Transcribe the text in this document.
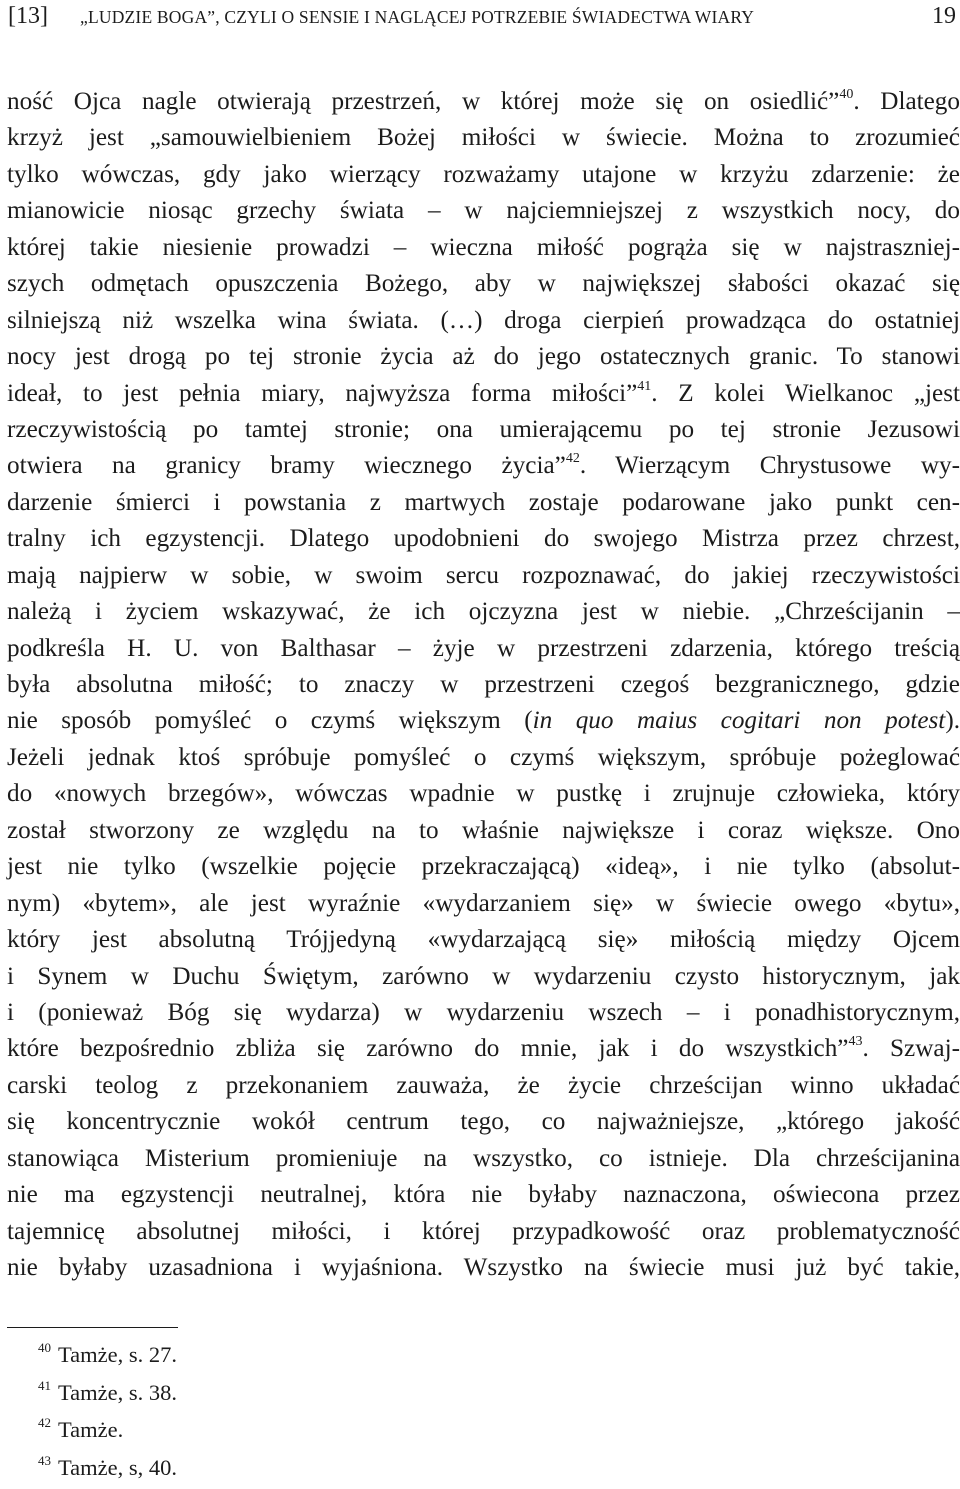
[13] „LUDZIE BOGA”, CZYLI O SENSIE I NAGLĄCEJ POTRZEBIE ŚWIADECTWA WIARY	19
ność Ojca nagle otwierają przestrzeń, w której może się on osiedlić”$^{40}$. Dlatego
krzyż jest „samouwielbieniem Bożej miłości w świecie. Można to zrozumieć
tylko wówczas, gdy jako wierzący rozważamy utajone w krzyżu zdarzenie: że
mianowicie niosąc grzechy świata – w najciemniejszej z wszystkich nocy, do
której takie niesienie prowadzi – wieczna miłość pogrąża się w najstraszniej-
szych odmętach opuszczenia Bożego, aby w największej słabości okazać się
silniejszą niż wszelka wina świata. (…) droga cierpień prowadząca do ostatniej
nocy jest drogą po tej stronie życia aż do jego ostatecznych granic. To stanowi
ideał, to jest pełnia miary, najwyższa forma miłości”$^{41}$. Z kolei Wielkanoc „jest
rzeczywistością po tamtej stronie; ona umierającemu po tej stronie Jezusowi
otwiera na granicy bramy wiecznego życia”$^{42}$. Wierzącym Chrystusowe wy-
darzenie śmierci i powstania z martwych zostaje podarowane jako punkt cen-
tralny ich egzystencji. Dlatego upodobnieni do swojego Mistrza przez chrzest,
mają najpierw w sobie, w swoim sercu rozpoznawać, do jakiej rzeczywistości
należą i życiem wskazywać, że ich ojczyzna jest w niebie. „Chrześcijanin –
podkreśla H. U. von Balthasar – żyje w przestrzeni zdarzenia, którego treścią
była absolutna miłość; to znaczy w przestrzeni czegoś bezgranicznego, gdzie
nie sposób pomyśleć o czymś większym (in quo maius cogitari non potest).
Jeżeli jednak ktoś spróbuje pomyśleć o czymś większym, spróbuje pożeglować
do «nowych brzegów», wówczas wpadnie w pustkę i zrujnuje człowieka, który
został stworzony ze względu na to właśnie największe i coraz większe. Ono
jest nie tylko (wszelkie pojęcie przekraczającą) «ideą», i nie tylko (absolut-
nym) «bytem», ale jest wyraźnie «wydarzaniem się» w świecie owego «bytu»,
który jest absolutną Trójjedyną «wydarzającą się» miłością między Ojcem
i Synem w Duchu Świętym, zarówno w wydarzeniu czysto historycznym, jak
i (ponieważ Bóg się wydarza) w wydarzeniu wszech – i ponadhistorycznym,
które bezpośrednio zbliża się zarówno do mnie, jak i do wszystkich”$^{43}$. Szwaj-
carski teolog z przekonaniem zauważa, że życie chrześcijan winno układać
się koncentrycznie wokół centrum tego, co najważniejsze, „którego jakość
stanowiąca Misterium promieniuje na wszystko, co istnieje. Dla chrześcijanina
nie ma egzystencji neutralnej, która nie byłaby naznaczona, oświecona przez
tajemnicę absolutnej miłości, i której przypadkowość oraz problematyczność
nie byłaby uzasadniona i wyjaśniona. Wszystko na świecie musi już być takie,
$^{40}$ Tamże, s. 27.
$^{41}$ Tamże, s. 38.
$^{42}$ Tamże.
$^{43}$ Tamże, s, 40.
